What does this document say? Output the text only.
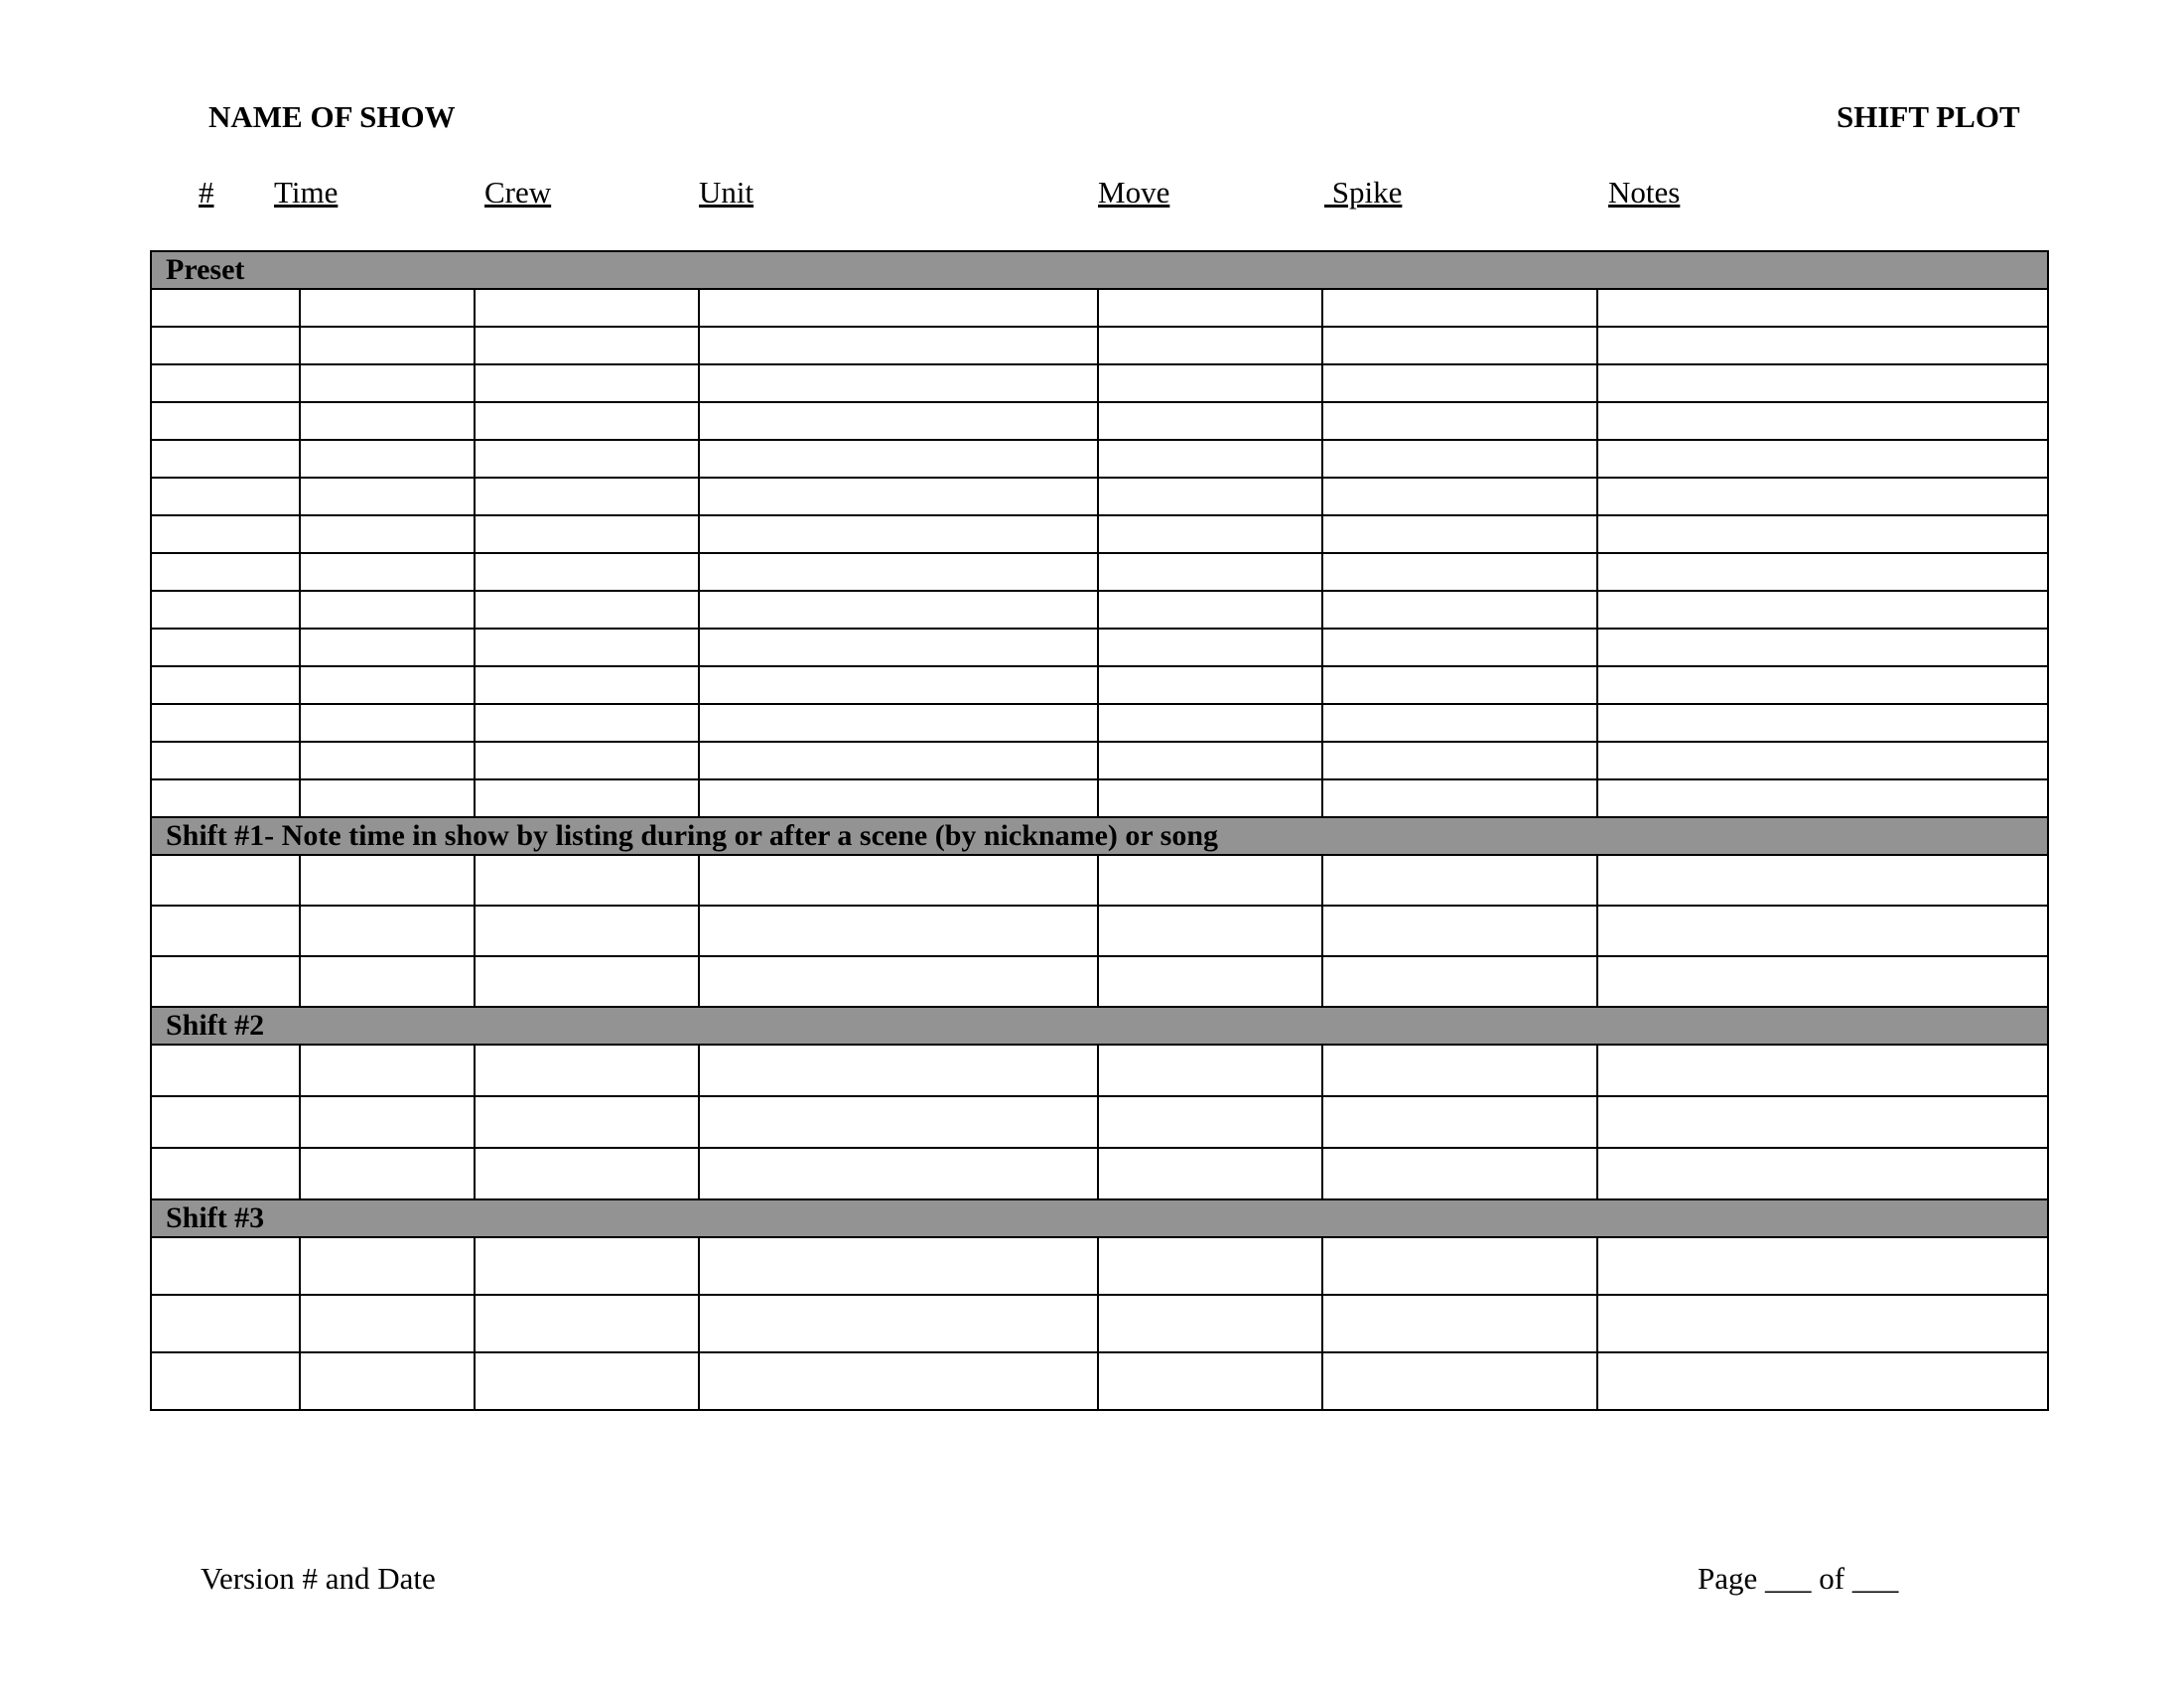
NAME OF SHOW	SHIFT PLOT
# Time	Crew	Unit	Move	Spike	Notes
Preset						

Shift #1- Note time in show by listing during or after a scene (by nickname) or song						

Shift #2						

Shift #3						

Version # and Date	Page ___ of ___
